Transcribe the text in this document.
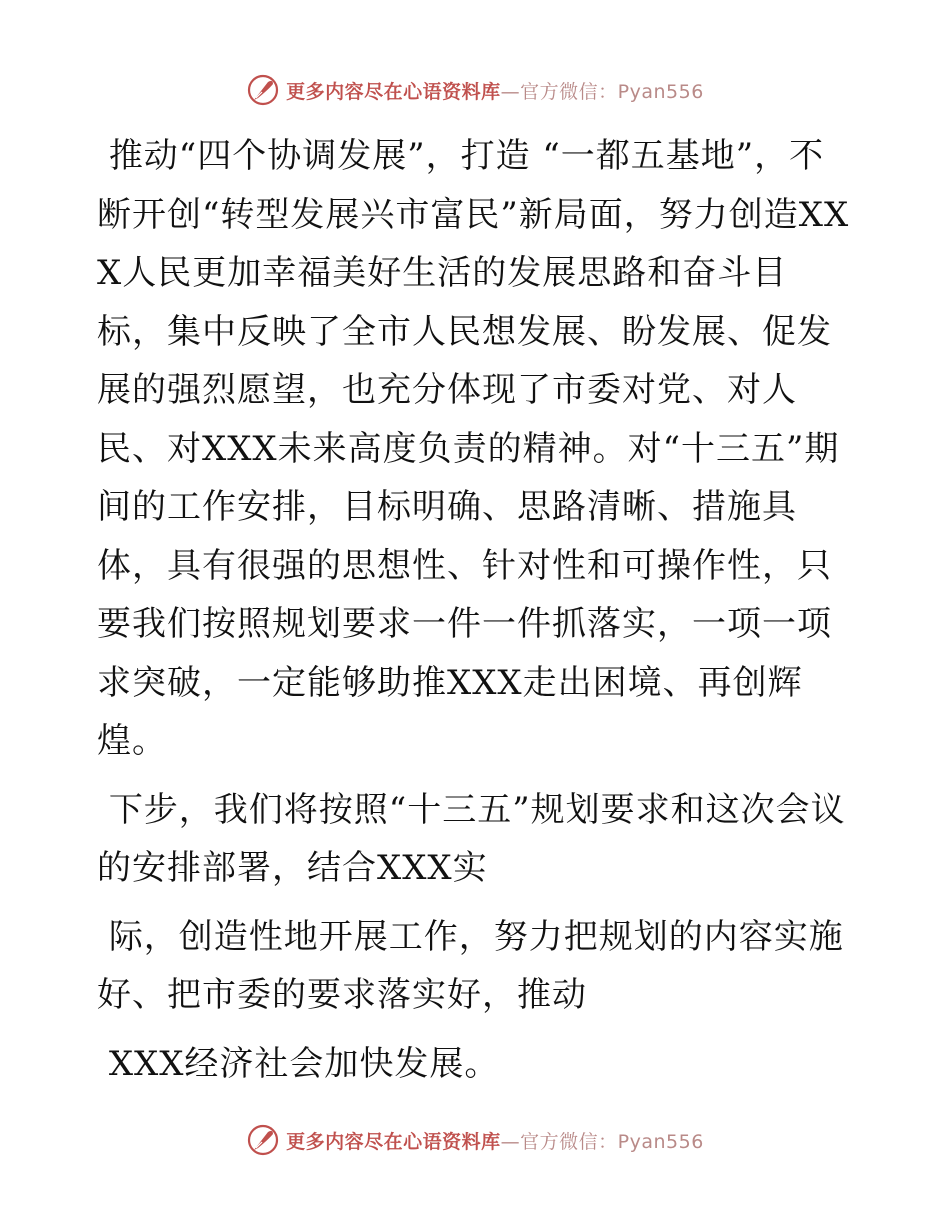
更多内容尽在心语资料库—官方微信：Pyan556

推动“四个协调发展”，打造 “一都五基地”，不断开创“转型发展兴市富民”新局面，努力创造XXX人民更加幸福美好生活的发展思路和奋斗目标，集中反映了全市人民想发展、盼发展、促发展的强烈愿望，也充分体现了市委对党、对人民、对XXX未来高度负责的精神。对“十三五”期间的工作安排，目标明确、思路清晰、措施具体，具有很强的思想性、针对性和可操作性，只要我们按照规划要求一件一件抓落实，一项一项求突破，一定能够助推XXX走出困境、再创辉煌。

下步，我们将按照“十三五”规划要求和这次会议的安排部署，结合XXX实

际，创造性地开展工作，努力把规划的内容实施好、把市委的要求落实好，推动

XXX经济社会加快发展。

更多内容尽在心语资料库—官方微信：Pyan556
